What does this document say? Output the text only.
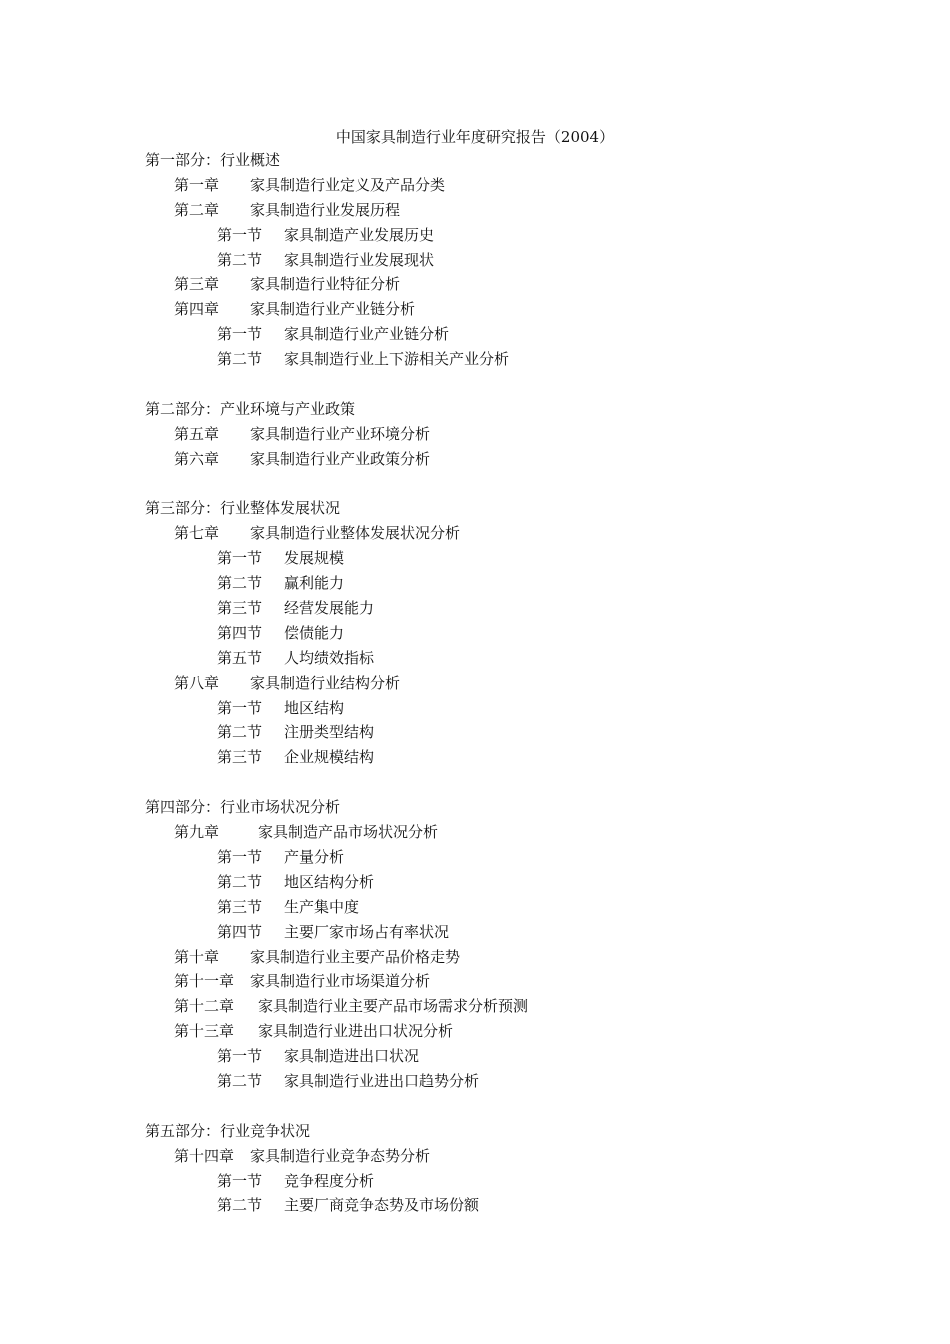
中国家具制造行业年度研究报告（2004）
第一部分：行业概述
第一章 家具制造行业定义及产品分类
第二章 家具制造行业发展历程
第一节 家具制造产业发展历史
第二节 家具制造行业发展现状
第三章 家具制造行业特征分析
第四章 家具制造行业产业链分析
第一节 家具制造行业产业链分析
第二节 家具制造行业上下游相关产业分析
第二部分：产业环境与产业政策
第五章 家具制造行业产业环境分析
第六章 家具制造行业产业政策分析
第三部分：行业整体发展状况
第七章 家具制造行业整体发展状况分析
第一节 发展规模
第二节 赢利能力
第三节 经营发展能力
第四节 偿债能力
第五节 人均绩效指标
第八章 家具制造行业结构分析
第一节 地区结构
第二节 注册类型结构
第三节 企业规模结构
第四部分：行业市场状况分析
第九章	家具制造产品市场状况分析
第一节 产量分析
第二节 地区结构分析
第三节 生产集中度
第四节 主要厂家市场占有率状况
第十章 家具制造行业主要产品价格走势
第十一章 家具制造行业市场渠道分析
第十二章 家具制造行业主要产品市场需求分析预测
第十三章 家具制造行业进出口状况分析
第一节 家具制造进出口状况
第二节 家具制造行业进出口趋势分析
第五部分：行业竞争状况
第十四章 家具制造行业竞争态势分析
第一节 竞争程度分析
第二节 主要厂商竞争态势及市场份额
